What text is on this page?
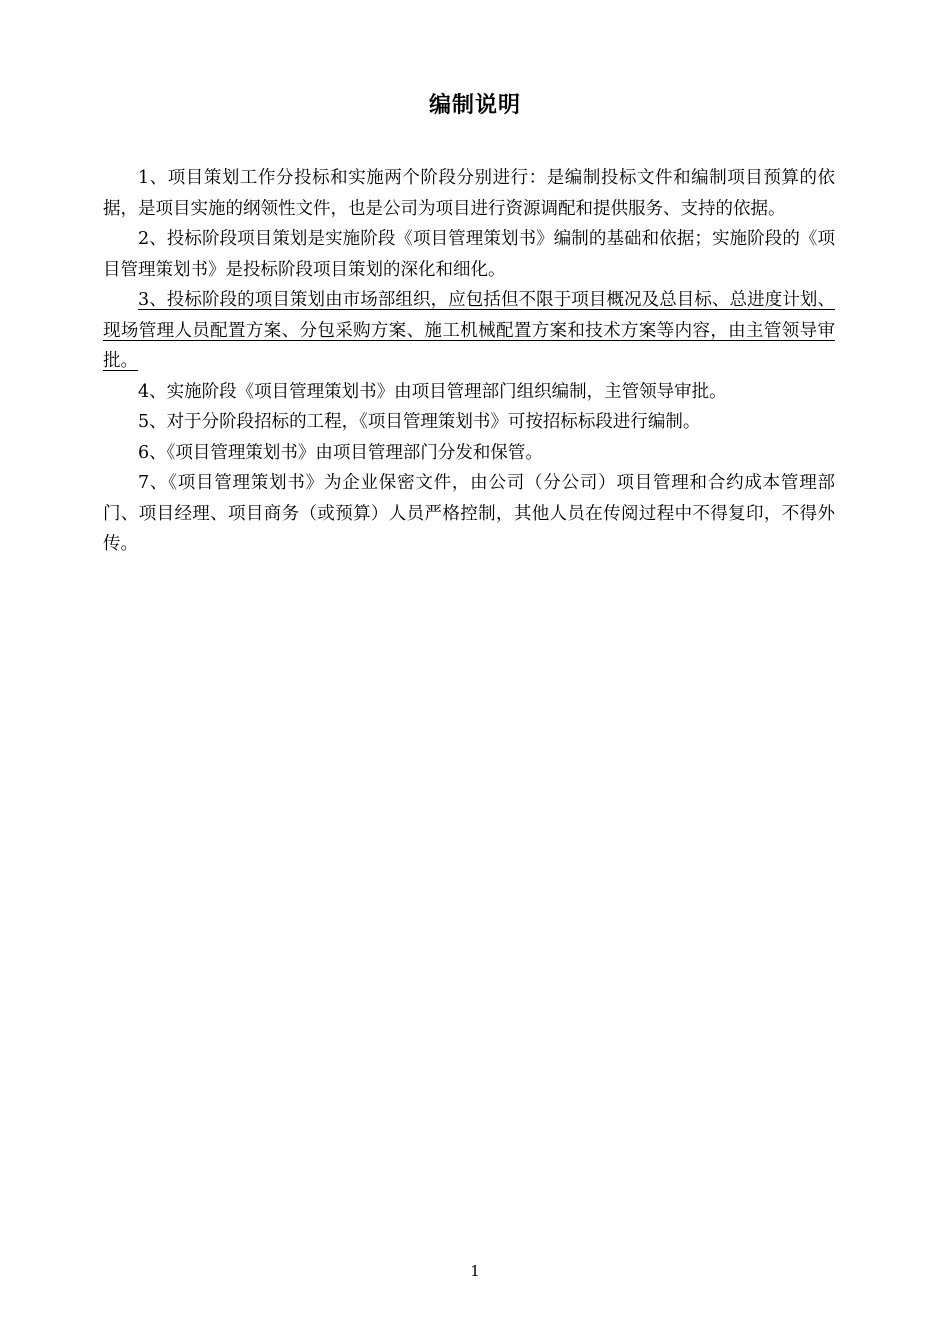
编制说明

1、项目策划工作分投标和实施两个阶段分别进行：是编制投标文件和编制项目预算的依据，是项目实施的纲领性文件，也是公司为项目进行资源调配和提供服务、支持的依据。

2、投标阶段项目策划是实施阶段《项目管理策划书》编制的基础和依据；实施阶段的《项目管理策划书》是投标阶段项目策划的深化和细化。

3、投标阶段的项目策划由市场部组织，应包括但不限于项目概况及总目标、总进度计划、现场管理人员配置方案、分包采购方案、施工机械配置方案和技术方案等内容，由主管领导审批。

4、实施阶段《项目管理策划书》由项目管理部门组织编制，主管领导审批。

5、对于分阶段招标的工程，《项目管理策划书》可按招标标段进行编制。

6、《项目管理策划书》由项目管理部门分发和保管。

7、《项目管理策划书》为企业保密文件，由公司（分公司）项目管理和合约成本管理部门、项目经理、项目商务（或预算）人员严格控制，其他人员在传阅过程中不得复印，不得外传。

1
